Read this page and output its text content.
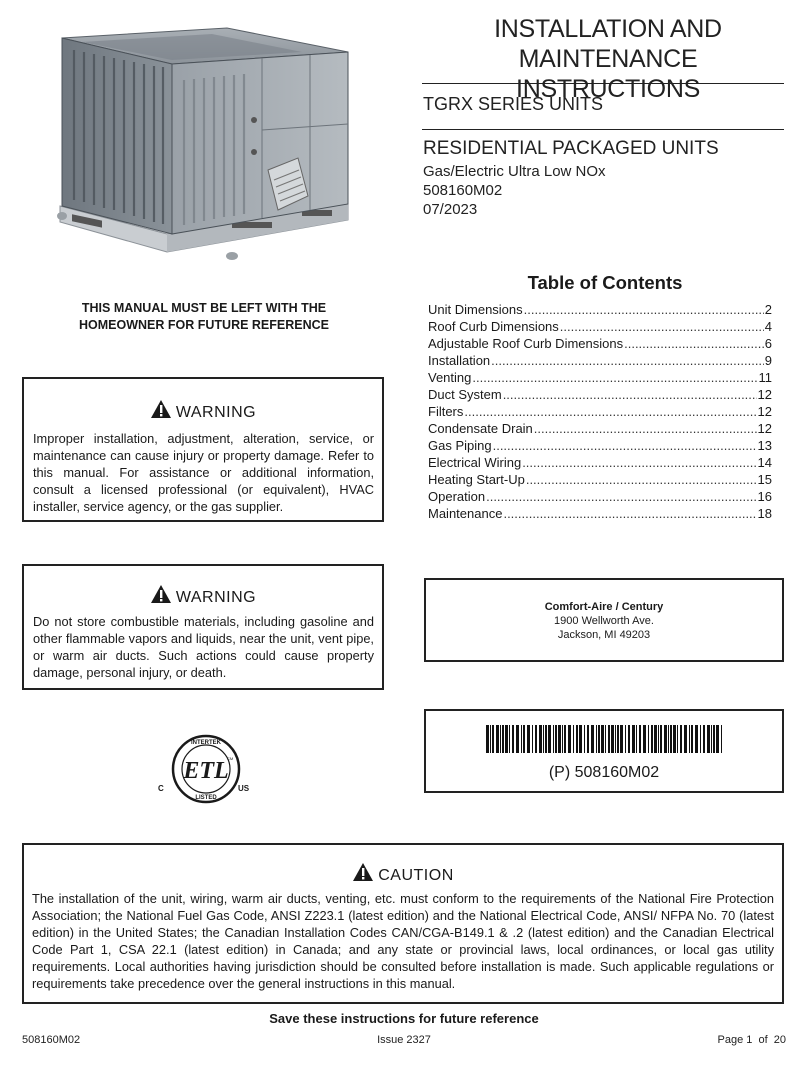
INSTALLATION AND MAINTENANCE
INSTRUCTIONS
TGRX SERIES UNITS
RESIDENTIAL PACKAGED UNITS
Gas/Electric Ultra Low NOx
508160M02
07/2023
THIS MANUAL MUST BE LEFT WITH THE
HOMEOWNER FOR FUTURE REFERENCE
Table of Contents
Unit Dimensions .....	2
Roof Curb Dimensions .....	4
Adjustable Roof Curb Dimensions .....	6
Installation .....	9
Venting .....	11
Duct System .....	12
Filters .....	12
Condensate Drain .....	12
Gas Piping .....	13
Electrical Wiring .....	14
Heating Start-Up .....	15
Operation .....	16
Maintenance .....	18
WARNING
Improper installation, adjustment, alteration, service, or maintenance can cause injury or property damage. Refer to this manual. For assistance or additional information, consult a licensed professional (or equivalent), HVAC installer, service agency, or the gas supplier.
WARNING
Do not store combustible materials, including gasoline and other flammable vapors and liquids, near the unit, vent pipe, or warm air ducts. Such actions could cause property damage, personal injury, or death.
Comfort-Aire / Century
1900 Wellworth Ave.
Jackson, MI 49203
(P) 508160M02
INTERTEK
LISTED
ETL
CM
C	US
CAUTION
The installation of the unit, wiring, warm air ducts, venting, etc. must conform to the requirements of the National Fire Protection Association; the National Fuel Gas Code, ANSI Z223.1 (latest edition) and the National Electrical Code, ANSI/ NFPA No. 70 (latest edition) in the United States; the Canadian Installation Codes CAN/CGA-B149.1 & .2 (latest edition) and the Canadian Electrical Code Part 1, CSA 22.1 (latest edition) in Canada; and any state or provincial laws, local ordinances, or local gas utility requirements. Local authorities having jurisdiction should be consulted before installation is made. Such applicable regulations or requirements take precedence over the general instructions in this manual.
Save these instructions for future reference
508160M02	Issue 2327	Page 1  of  20
